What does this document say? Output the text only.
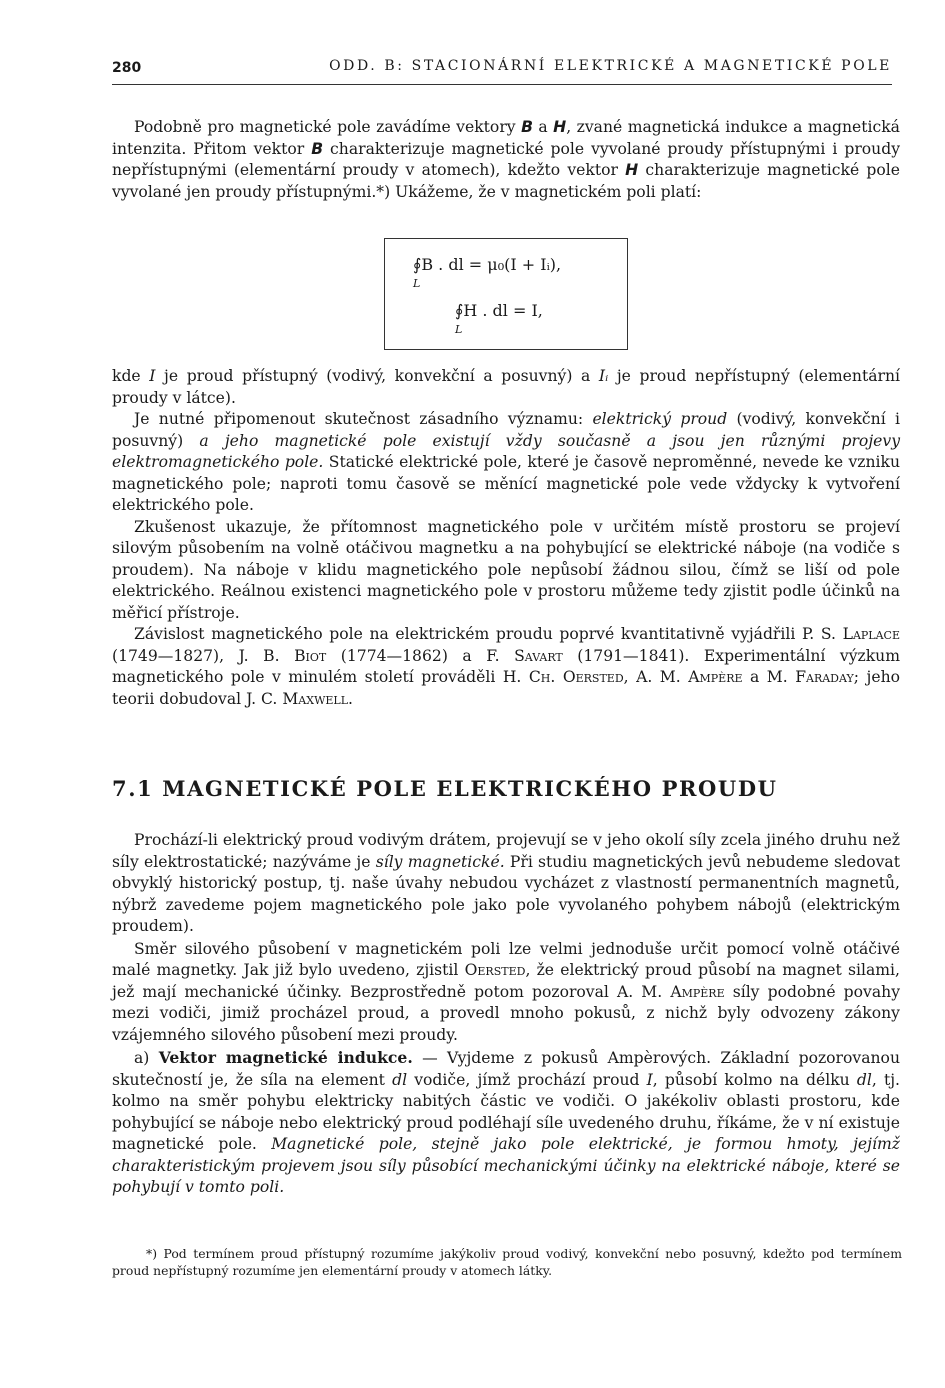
280	ODD. B: STACIONÁRNÍ ELEKTRICKÉ A MAGNETICKÉ POLE

Podobně pro magnetické pole zavádíme vektory B a H, zvané magnetická indukce a magnetická intenzita. Přitom vektor B charakterizuje magnetické pole vyvolané proudy přístupnými i proudy nepřístupnými (elementární proudy v atomech), kdežto vektor H charakterizuje magnetické pole vyvolané jen proudy přístupnými.*) Ukážeme, že v magnetickém poli platí:

∮B . dl = μ₀(I + Iᵢ),
L
∮H . dl = I,
L

kde I je proud přístupný (vodivý, konvekční a posuvný) a Iᵢ je proud nepřístupný (elementární proudy v látce).

Je nutné připomenout skutečnost zásadního významu: elektrický proud (vodivý, konvekční i posuvný) a jeho magnetické pole existují vždy současně a jsou jen různými projevy elektromagnetického pole. Statické elektrické pole, které je časově neproměnné, nevede ke vzniku magnetického pole; naproti tomu časově se měnící magnetické pole vede vždycky k vytvoření elektrického pole.

Zkušenost ukazuje, že přítomnost magnetického pole v určitém místě prostoru se projeví silovým působením na volně otáčivou magnetku a na pohybující se elektrické náboje (na vodiče s proudem). Na náboje v klidu magnetického pole nepůsobí žádnou silou, čímž se liší od pole elektrického. Reálnou existenci magnetického pole v prostoru můžeme tedy zjistit podle účinků na měřicí přístroje.

Závislost magnetického pole na elektrickém proudu poprvé kvantitativně vyjádřili P. S. Laplace (1749—1827), J. B. Biot (1774—1862) a F. Savart (1791—1841). Experimentální výzkum magnetického pole v minulém století prováděli H. Ch. Oersted, A. M. Ampère a M. Faraday; jeho teorii dobudoval J. C. Maxwell.

7.1 MAGNETICKÉ POLE ELEKTRICKÉHO PROUDU

Prochází-li elektrický proud vodivým drátem, projevují se v jeho okolí síly zcela jiného druhu než síly elektrostatické; nazýváme je síly magnetické. Při studiu magnetických jevů nebudeme sledovat obvyklý historický postup, tj. naše úvahy nebudou vycházet z vlastností permanentních magnetů, nýbrž zavedeme pojem magnetického pole jako pole vyvolaného pohybem nábojů (elektrickým proudem).

Směr silového působení v magnetickém poli lze velmi jednoduše určit pomocí volně otáčivé malé magnetky. Jak již bylo uvedeno, zjistil Oersted, že elektrický proud působí na magnet silami, jež mají mechanické účinky. Bezprostředně potom pozoroval A. M. Ampère síly podobné povahy mezi vodiči, jimiž procházel proud, a provedl mnoho pokusů, z nichž byly odvozeny zákony vzájemného silového působení mezi proudy.

a) Vektor magnetické indukce. — Vyjdeme z pokusů Ampèrových. Základní pozorovanou skutečností je, že síla na element dl vodiče, jímž prochází proud I, působí kolmo na délku dl, tj. kolmo na směr pohybu elektricky nabitých částic ve vodiči. O jakékoliv oblasti prostoru, kde pohybující se náboje nebo elektrický proud podléhají síle uvedeného druhu, říkáme, že v ní existuje magnetické pole. Magnetické pole, stejně jako pole elektrické, je formou hmoty, jejímž charakteristickým projevem jsou síly působící mechanickými účinky na elektrické náboje, které se pohybují v tomto poli.

*) Pod termínem proud přístupný rozumíme jakýkoliv proud vodivý, konvekční nebo posuvný, kdežto pod termínem proud nepřístupný rozumíme jen elementární proudy v atomech látky.
